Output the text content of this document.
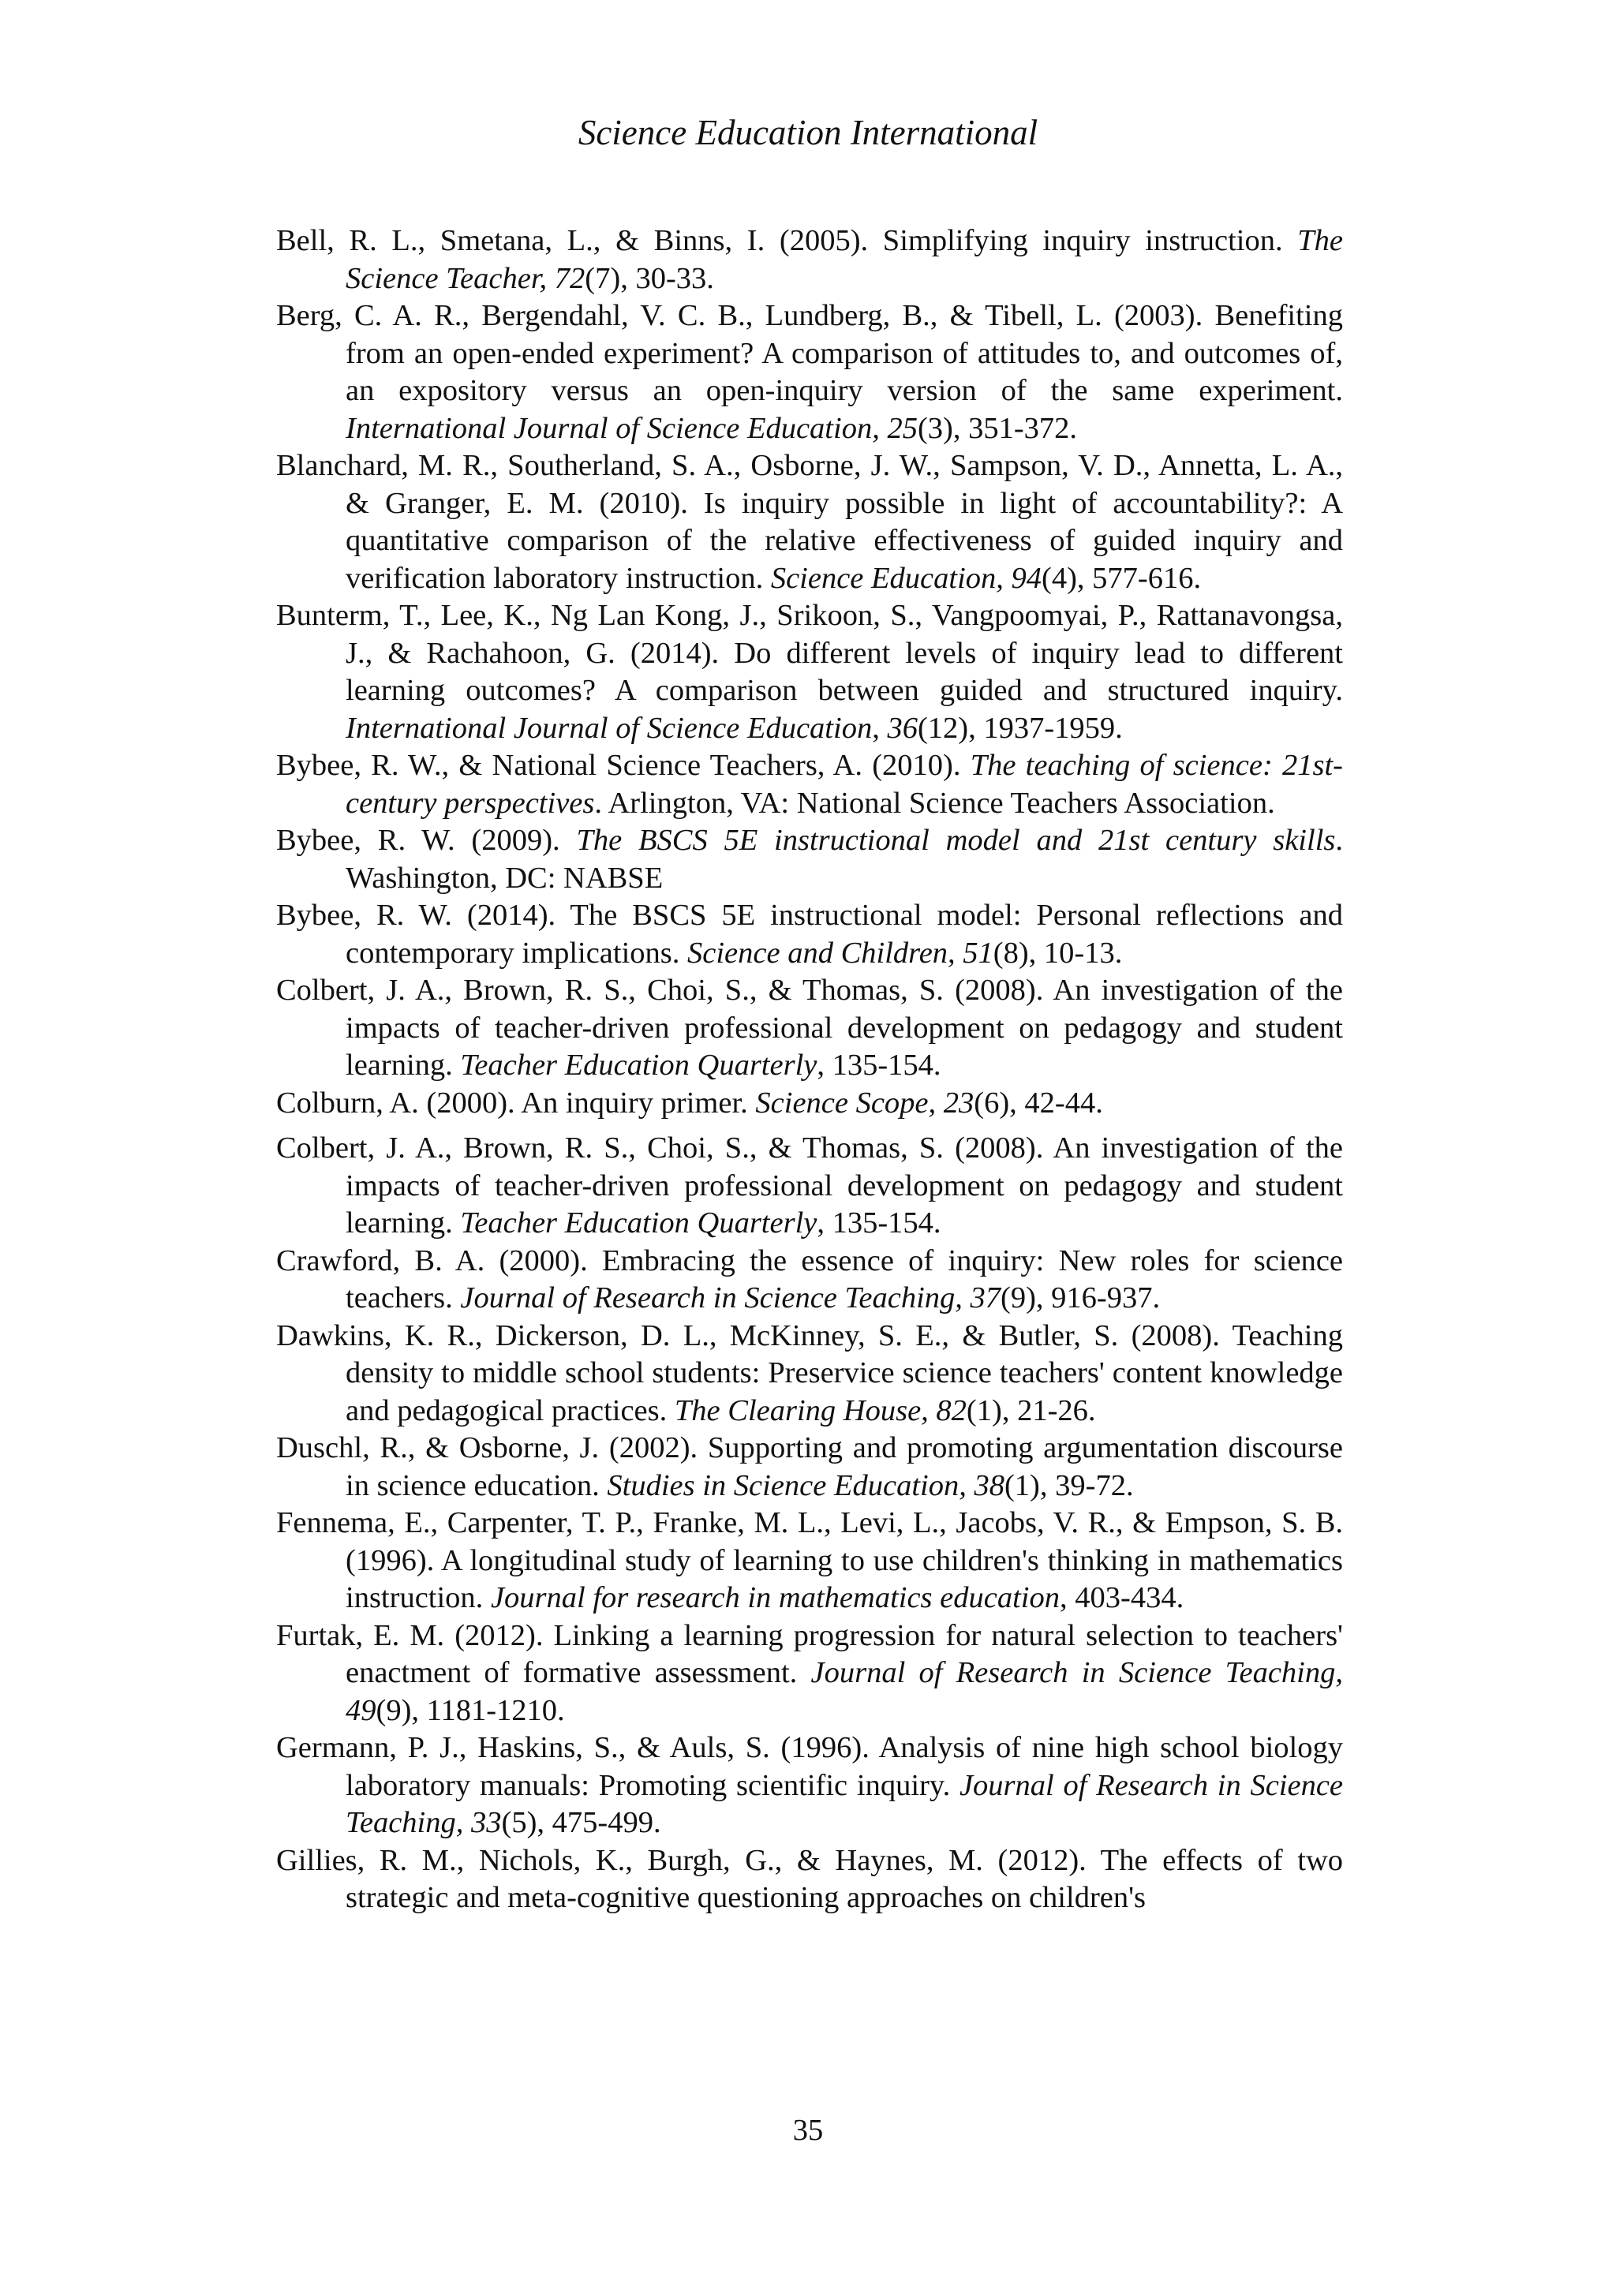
Science Education International

Bell, R. L., Smetana, L., & Binns, I. (2005). Simplifying inquiry instruction. The Science Teacher, 72(7), 30-33.

Berg, C. A. R., Bergendahl, V. C. B., Lundberg, B., & Tibell, L. (2003). Benefiting from an open-ended experiment? A comparison of attitudes to, and outcomes of, an expository versus an open-inquiry version of the same experiment. International Journal of Science Education, 25(3), 351-372.

Blanchard, M. R., Southerland, S. A., Osborne, J. W., Sampson, V. D., Annetta, L. A., & Granger, E. M. (2010). Is inquiry possible in light of accountability?: A quantitative comparison of the relative effectiveness of guided inquiry and verification laboratory instruction. Science Education, 94(4), 577-616.

Bunterm, T., Lee, K., Ng Lan Kong, J., Srikoon, S., Vangpoomyai, P., Rattanavongsa, J., & Rachahoon, G. (2014). Do different levels of inquiry lead to different learning outcomes? A comparison between guided and structured inquiry. International Journal of Science Education, 36(12), 1937-1959.

Bybee, R. W., & National Science Teachers, A. (2010). The teaching of science: 21st-century perspectives. Arlington, VA: National Science Teachers Association.

Bybee, R. W. (2009). The BSCS 5E instructional model and 21st century skills. Washington, DC: NABSE

Bybee, R. W. (2014). The BSCS 5E instructional model: Personal reflections and contemporary implications. Science and Children, 51(8), 10-13.

Colbert, J. A., Brown, R. S., Choi, S., & Thomas, S. (2008). An investigation of the impacts of teacher-driven professional development on pedagogy and student learning. Teacher Education Quarterly, 135-154.

Colburn, A. (2000). An inquiry primer. Science Scope, 23(6), 42-44.

Colbert, J. A., Brown, R. S., Choi, S., & Thomas, S. (2008). An investigation of the impacts of teacher-driven professional development on pedagogy and student learning. Teacher Education Quarterly, 135-154.

Crawford, B. A. (2000). Embracing the essence of inquiry: New roles for science teachers. Journal of Research in Science Teaching, 37(9), 916-937.

Dawkins, K. R., Dickerson, D. L., McKinney, S. E., & Butler, S. (2008). Teaching density to middle school students: Preservice science teachers' content knowledge and pedagogical practices. The Clearing House, 82(1), 21-26.

Duschl, R., & Osborne, J. (2002). Supporting and promoting argumentation discourse in science education. Studies in Science Education, 38(1), 39-72.

Fennema, E., Carpenter, T. P., Franke, M. L., Levi, L., Jacobs, V. R., & Empson, S. B. (1996). A longitudinal study of learning to use children's thinking in mathematics instruction. Journal for research in mathematics education, 403-434.

Furtak, E. M. (2012). Linking a learning progression for natural selection to teachers' enactment of formative assessment. Journal of Research in Science Teaching, 49(9), 1181-1210.

Germann, P. J., Haskins, S., & Auls, S. (1996). Analysis of nine high school biology laboratory manuals: Promoting scientific inquiry. Journal of Research in Science Teaching, 33(5), 475-499.

Gillies, R. M., Nichols, K., Burgh, G., & Haynes, M. (2012). The effects of two strategic and meta-cognitive questioning approaches on children's

35
